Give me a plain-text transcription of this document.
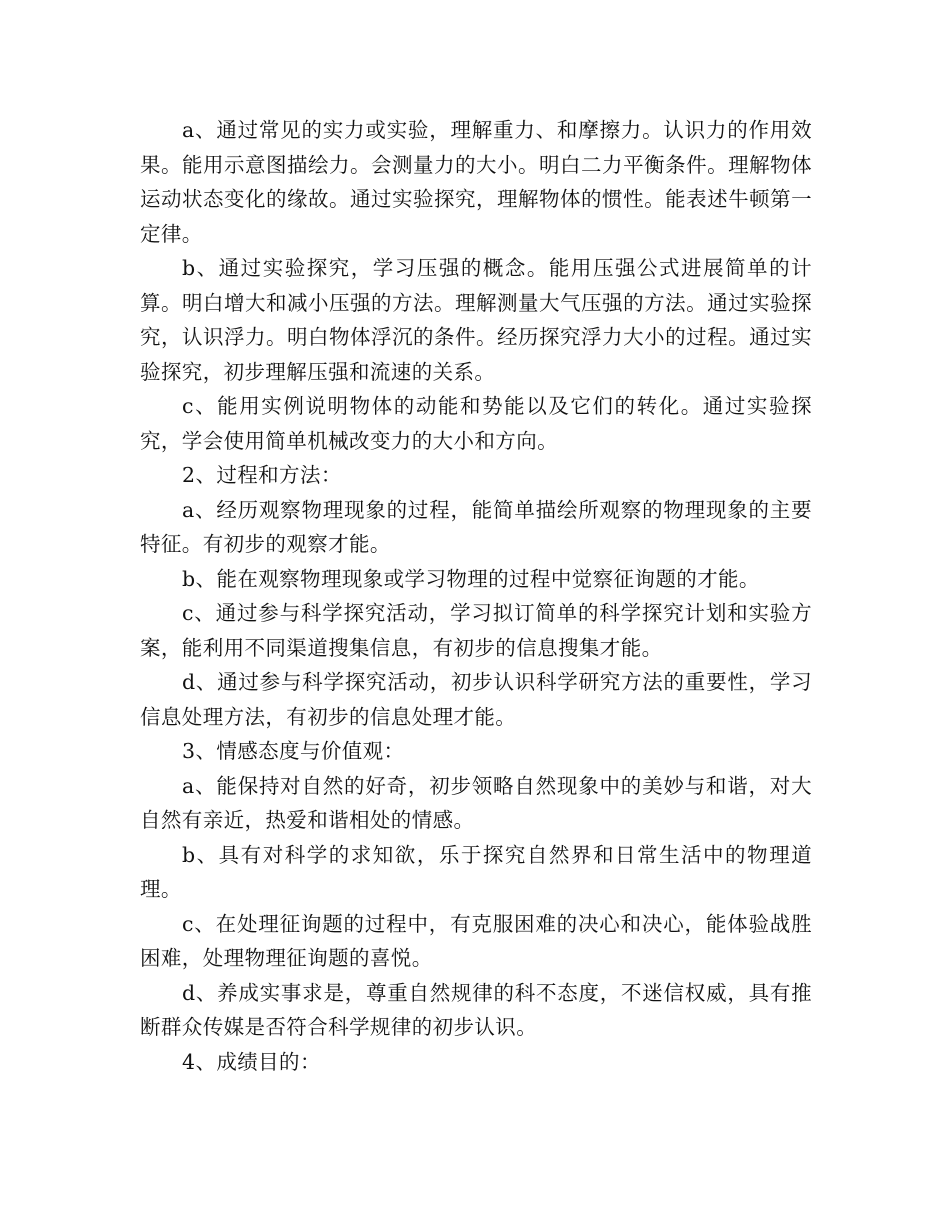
a、通过常见的实力或实验，理解重力、和摩擦力。认识力的作用效果。能用示意图描绘力。会测量力的大小。明白二力平衡条件。理解物体运动状态变化的缘故。通过实验探究，理解物体的惯性。能表述牛顿第一定律。

b、通过实验探究，学习压强的概念。能用压强公式进展简单的计算。明白增大和减小压强的方法。理解测量大气压强的方法。通过实验探究，认识浮力。明白物体浮沉的条件。经历探究浮力大小的过程。通过实验探究，初步理解压强和流速的关系。

c、能用实例说明物体的动能和势能以及它们的转化。通过实验探究，学会使用简单机械改变力的大小和方向。

2、过程和方法：

a、经历观察物理现象的过程，能简单描绘所观察的物理现象的主要特征。有初步的观察才能。

b、能在观察物理现象或学习物理的过程中觉察征询题的才能。

c、通过参与科学探究活动，学习拟订简单的科学探究计划和实验方案，能利用不同渠道搜集信息，有初步的信息搜集才能。

d、通过参与科学探究活动，初步认识科学研究方法的重要性，学习信息处理方法，有初步的信息处理才能。

3、情感态度与价值观：

a、能保持对自然的好奇，初步领略自然现象中的美妙与和谐，对大自然有亲近，热爱和谐相处的情感。

b、具有对科学的求知欲，乐于探究自然界和日常生活中的物理道理。

c、在处理征询题的过程中，有克服困难的决心和决心，能体验战胜困难，处理物理征询题的喜悦。

d、养成实事求是，尊重自然规律的科不态度，不迷信权威，具有推断群众传媒是否符合科学规律的初步认识。

4、成绩目的：
